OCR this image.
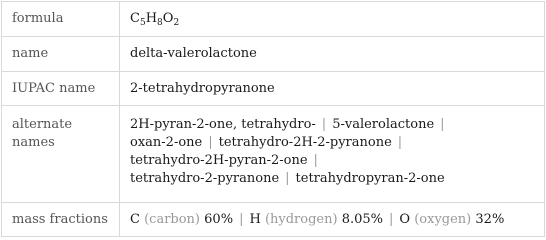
formula	$C_5H_8O_2$
name	delta-valerolactone
IUPAC name	2-tetrahydropyranone
alternate names	2H-pyran-2-one, tetrahydro- | 5-valerolactone |
oxan-2-one | tetrahydro-2H-2-pyranone |
tetrahydro-2H-pyran-2-one |
tetrahydro-2-pyranone | tetrahydropyran-2-one

mass fractions	C (carbon) 60% | H (hydrogen) 8.05% | O (oxygen) 32%
